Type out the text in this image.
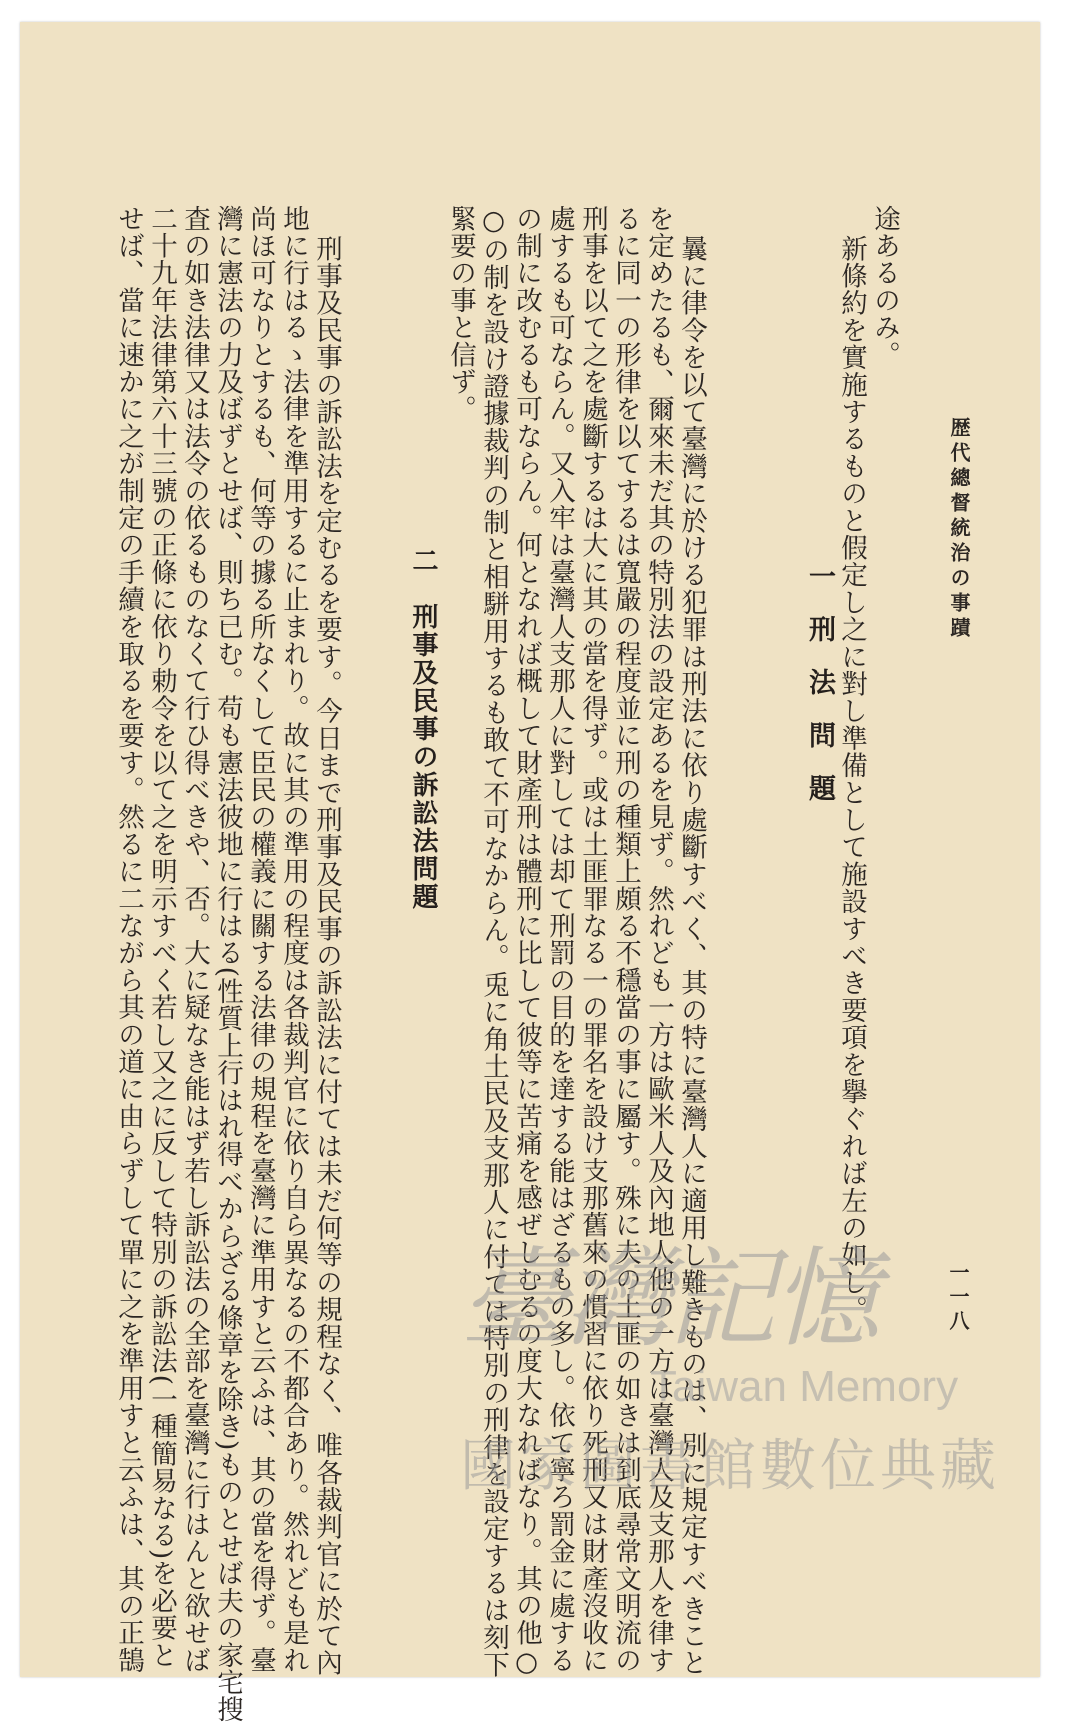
歴代總督統治の事蹟
一一八
途あるのみ。
新條約を實施するものと假定し之に對し準備として施設すべき要項を擧ぐれば左の如し。
一刑法問題
曩に律令を以て臺灣に於ける犯罪は刑法に依り處斷すべく、其の特に臺灣人に適用し難きものは、別に規定すべきこと
を定めたるも、爾來未だ其の特別法の設定あるを見ず。然れども一方は歐米人及內地人他の一方は臺灣人及支那人を律す
るに同一の形律を以てするは寬嚴の程度並に刑の種類上頗る不穩當の事に屬す。殊に夫の土匪の如きは到底尋常文明流の
刑事を以て之を處斷するは大に其の當を得ず。或は土匪罪なる一の罪名を設け支那舊來の慣習に依り死刑又は財產沒收に
處するも可ならん。又入牢は臺灣人支那人に對しては却て刑罰の目的を達する能はざるもの多し。依て寧ろ罰金に處する
の制に改むるも可ならん。何となれば概して財產刑は體刑に比して彼等に苦痛を感ぜしむるの度大なればなり。其の他○
○の制を設け證據裁判の制と相駢用するも敢て不可なからん。兎に角土民及支那人に付ては特別の刑律を設定するは刻下
緊要の事と信ず。
二　刑事及民事の訴訟法問題
刑事及民事の訴訟法を定むるを要す。今日まで刑事及民事の訴訟法に付ては未だ何等の規程なく、唯各裁判官に於て內
地に行はるゝ法律を準用するに止まれり。故に其の準用の程度は各裁判官に依り自ら異なるの不都合あり。然れども是れ
尚ほ可なりとするも、何等の據る所なくして臣民の權義に關する法律の規程を臺灣に準用すと云ふは、其の當を得ず。臺
灣に憲法の力及ばずとせば、則ち已む。苟も憲法彼地に行はる(性質上行はれ得べからざる條章を除き)ものとせば夫の家宅搜
査の如き法律又は法令の依るものなくて行ひ得べきや、否。大に疑なき能はず若し訴訟法の全部を臺灣に行はんと欲せば
二十九年法律第六十三號の正條に依り勅令を以て之を明示すべく若し又之に反して特別の訴訟法(一種簡易なる)を必要と
せば、當に速かに之が制定の手續を取るを要す。然るに二ながら其の道に由らずして單に之を準用すと云ふは、其の正鵠	臺灣記憶
Taiwan Memory
國家圖書館數位典藏
